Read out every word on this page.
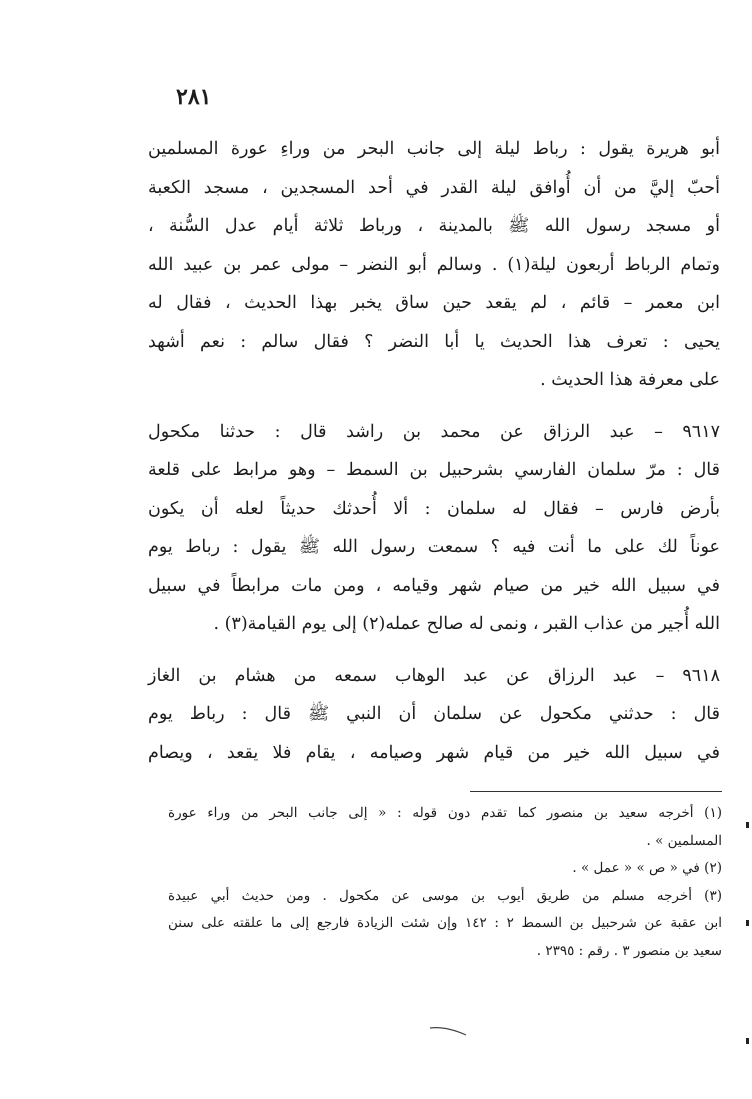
٢٨١
أبو هريرة يقول : رباط ليلة إلى جانب البحر من وراءِ عورة المسلمين
أحبّ إليَّ من أن أُوافق ليلة القدر في أحد المسجدين ، مسجد الكعبة
أو مسجد رسول الله ﷺ بالمدينة ، ورباط ثلاثة أيام عدل السُّنة ،
وتمام الرباط أربعون ليلة(١) . وسالم أبو النضر – مولى عمر بن عبيد الله
ابن معمر – قائم ، لم يقعد حين ساق يخبر بهذا الحديث ، فقال له
يحيى : تعرف هذا الحديث يا أبا النضر ؟ فقال سالم : نعم أشهد
على معرفة هذا الحديث .
٩٦١٧ – عبد الرزاق عن محمد بن راشد قال : حدثنا مكحول
قال : مرّ سلمان الفارسي بشرحبيل بن السمط – وهو مرابط على قلعة
بأرض فارس – فقال له سلمان : ألا أُحدثك حديثاً لعله أن يكون
عوناً لك على ما أنت فيه ؟ سمعت رسول الله ﷺ يقول : رباط يوم
في سبيل الله خير من صيام شهر وقيامه ، ومن مات مرابطاً في سبيل
الله أُجير من عذاب القبر ، ونمى له صالح عمله(٢) إلى يوم القيامة(٣) .
٩٦١٨ – عبد الرزاق عن عبد الوهاب سمعه من هشام بن الغاز
قال : حدثني مكحول عن سلمان أن النبي ﷺ قال : رباط يوم
في سبيل الله خير من قيام شهر وصيامه ، يقام فلا يقعد ، ويصام
(١) أخرجه سعيد بن منصور كما تقدم دون قوله : « إلى جانب البحر من وراء عورة
المسلمين » .
(٢) في « ص » « عمل » .
(٣) أخرجه مسلم من طريق أيوب بن موسى عن مكحول . ومن حديث أبي عبيدة
ابن عقبة عن شرحبيل بن السمط ٢ : ١٤٢ وإن شئت الزيادة فارجع إلى ما علقته على سنن
سعيد بن منصور ٣ . رقم : ٢٣٩٥ .
